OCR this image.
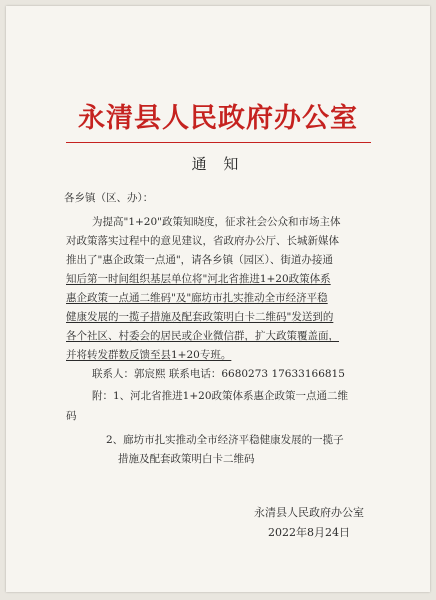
永清县人民政府办公室
通 知
各乡镇（区、办）：
为提高"1+20"政策知晓度，征求社会公众和市场主体
对政策落实过程中的意见建议，省政府办公厅、长城新媒体
推出了"惠企政策一点通"，请各乡镇（园区）、街道办接通
知后第一时间组织基层单位将"河北省推进1+20政策体系
惠企政策一点通二维码"及"廊坊市扎实推动全市经济平稳
健康发展的一揽子措施及配套政策明白卡二维码"发送到的
各个社区、村委会的居民或企业微信群，扩大政策覆盖面，
并将转发群数反馈至县1+20专班。
联系人：郭宸熙 联系电话：6680273 17633166815
附：1、河北省推进1+20政策体系惠企政策一点通二维
码
2、廊坊市扎实推动全市经济平稳健康发展的一揽子
措施及配套政策明白卡二维码
永清县人民政府办公室
2022年8月24日
